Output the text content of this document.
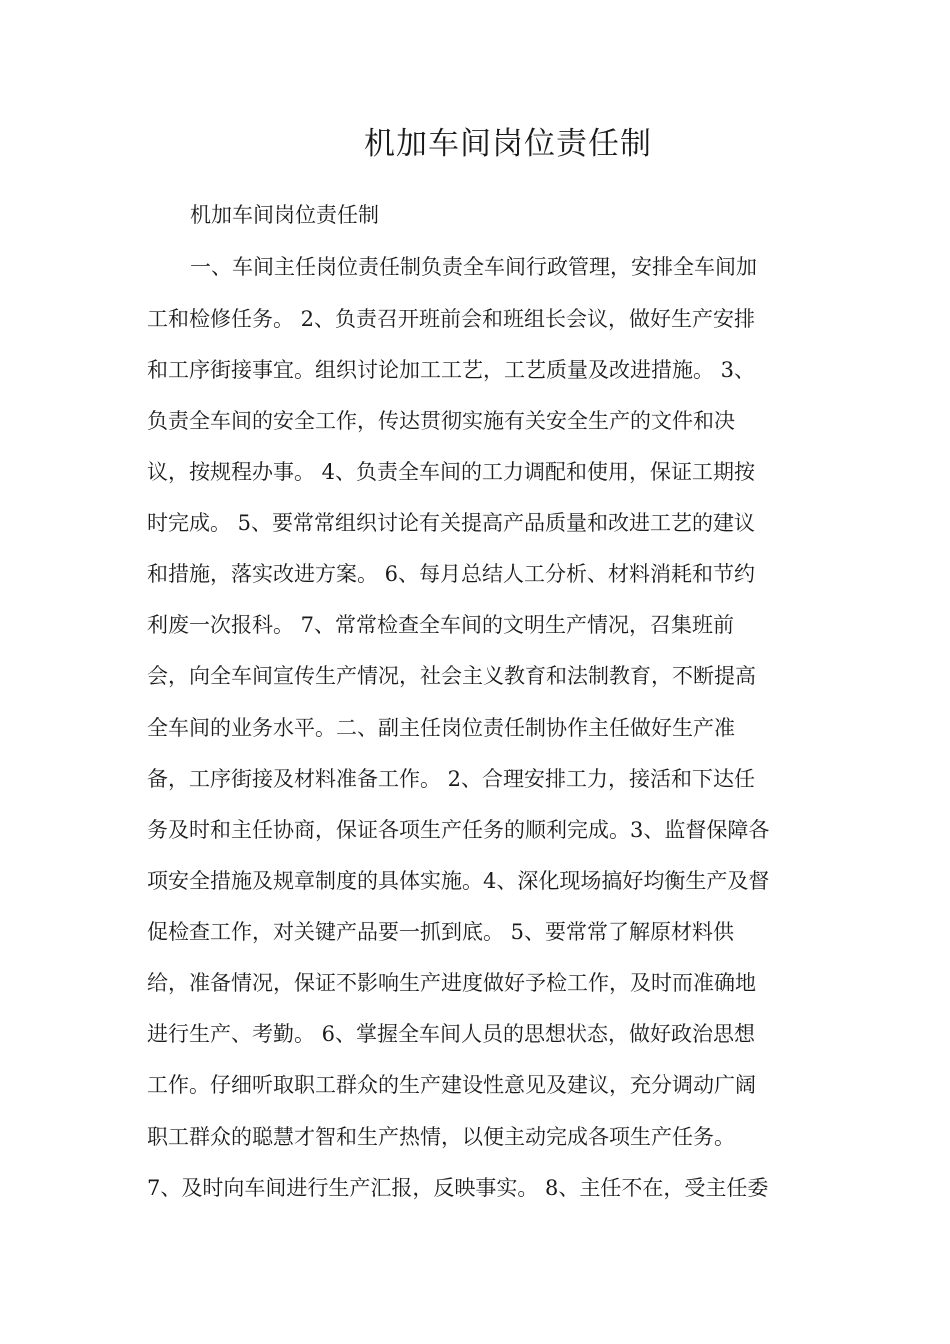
机加车间岗位责任制
机加车间岗位责任制
一、车间主任岗位责任制负责全车间行政管理，安排全车间加
工和检修任务。 2、负责召开班前会和班组长会议，做好生产安排
和工序街接事宜。组织讨论加工工艺，工艺质量及改进措施。 3、
负责全车间的安全工作，传达贯彻实施有关安全生产的文件和决
议，按规程办事。 4、负责全车间的工力调配和使用，保证工期按
时完成。 5、要常常组织讨论有关提高产品质量和改进工艺的建议
和措施，落实改进方案。 6、每月总结人工分析、材料消耗和节约
利废一次报科。 7、常常检查全车间的文明生产情况，召集班前
会，向全车间宣传生产情况，社会主义教育和法制教育，不断提高
全车间的业务水平。二、副主任岗位责任制协作主任做好生产准
备，工序街接及材料准备工作。 2、合理安排工力，接活和下达任
务及时和主任协商，保证各项生产任务的顺利完成。3、监督保障各
项安全措施及规章制度的具体实施。4、深化现场搞好均衡生产及督
促检查工作，对关键产品要一抓到底。 5、要常常了解原材料供
给，准备情况，保证不影响生产进度做好予检工作，及时而准确地
进行生产、考勤。 6、掌握全车间人员的思想状态，做好政治思想
工作。仔细听取职工群众的生产建设性意见及建议，充分调动广阔
职工群众的聪慧才智和生产热情，以便主动完成各项生产任务。
7、及时向车间进行生产汇报，反映事实。 8、主任不在，受主任委
